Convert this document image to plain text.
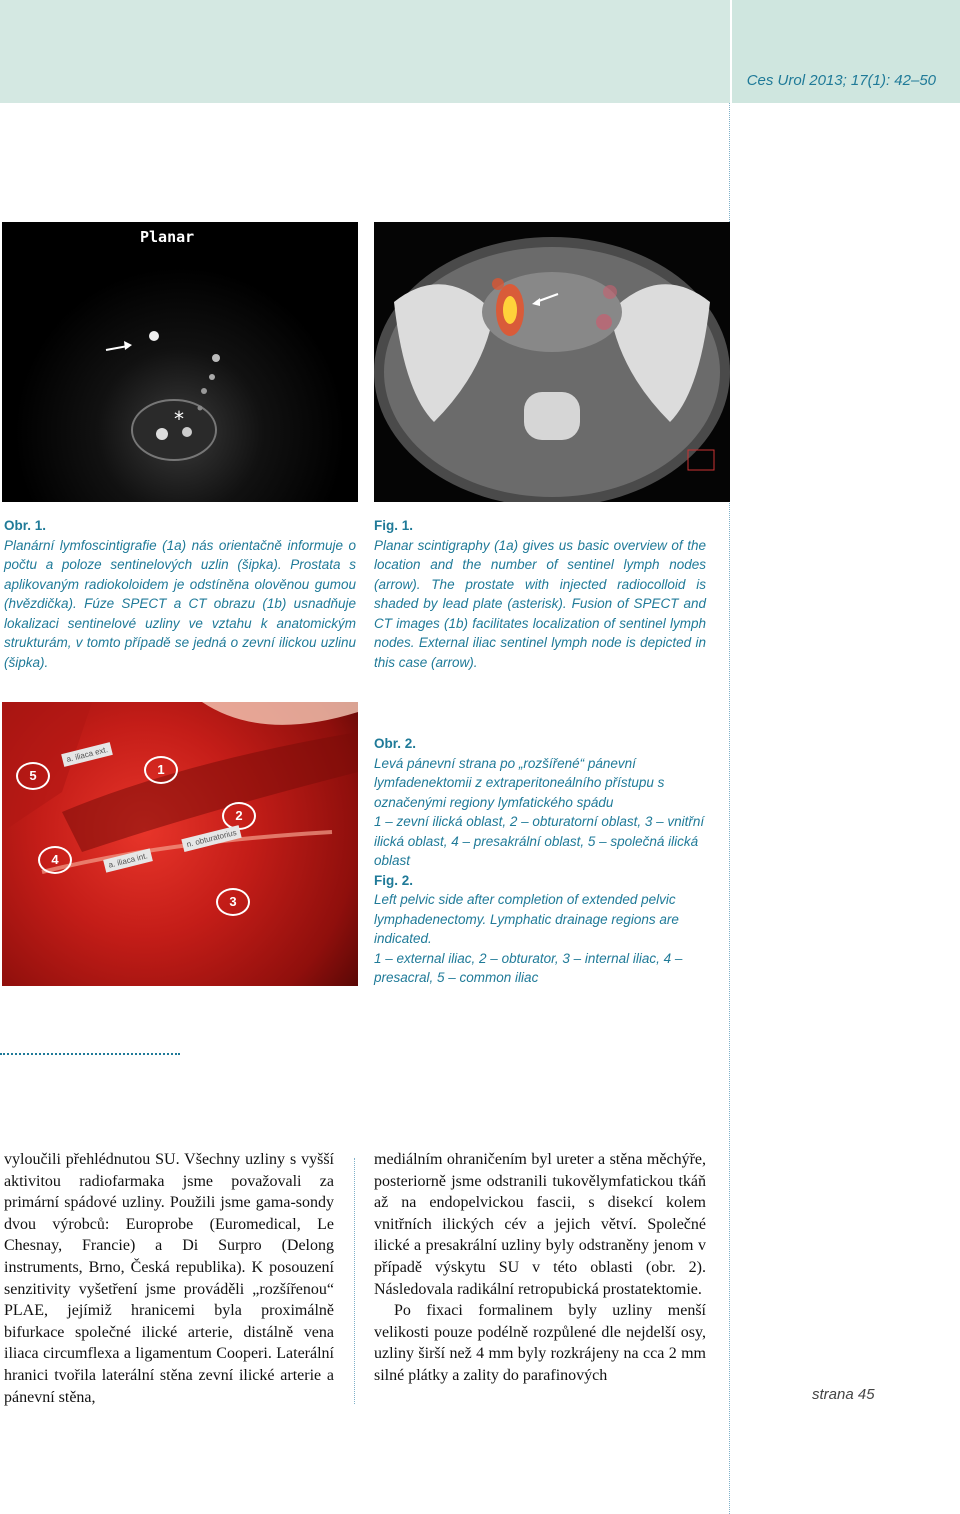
Ces Urol 2013; 17(1): 42–50
Planar
*
Obr. 1.
Planární lymfoscintigrafie (1a) nás orientačně informuje o počtu a poloze sentinelových uzlin (šipka). Prostata s aplikovaným radiokoloidem je odstíněna olověnou gumou (hvězdička). Fúze SPECT a CT obrazu (1b) usnadňuje lokalizaci sentinelové uzliny ve vztahu k anatomickým strukturám, v tomto případě se jedná o zevní ilickou uzlinu (šipka).
Fig. 1.
Planar scintigraphy (1a) gives us basic overview of the location and the number of sentinel lymph nodes (arrow). The prostate with injected radiocolloid is shaded by lead plate (asterisk). Fusion of SPECT and CT images (1b) facilitates localization of sentinel lymph nodes. External iliac sentinel lymph node is depicted in this case (arrow).
5	1
2
4
3
a. iliaca ext.
n. obturatorius
a. iliaca int.
Obr. 2.
Levá pánevní strana po „rozšířené“ pánevní lymfadenektomii z extraperitoneálního přístupu s označenými regiony lymfatického spádu
1 – zevní ilická oblast, 2 – obturatorní oblast, 3 – vnitřní ilická oblast, 4 – presakrální oblast, 5 – společná ilická oblast
Fig. 2.
Left pelvic side after completion of extended pelvic lymphadenectomy. Lymphatic drainage regions are indicated.
1 – external iliac, 2 – obturator, 3 – internal iliac, 4 – presacral, 5 – common iliac

vyloučili přehlédnutou SU. Všechny uzliny s vyšší aktivitou radiofarmaka jsme považovali za primární spádové uzliny. Použili jsme gama-sondy dvou výrobců: Europrobe (Euromedical, Le Chesnay, Francie) a Di Surpro (Delong instruments, Brno, Česká republika). K posouzení senzitivity vyšetření jsme prováděli „rozšířenou“ PLAE, jejímiž hranicemi byla proximálně bifurkace společné ilické arterie, distálně vena iliaca circumflexa a ligamentum Cooperi. Laterální hranici tvořila laterální stěna zevní ilické arterie a pánevní stěna,

mediálním ohraničením byl ureter a stěna měchýře, posteriorně jsme odstranili tukovělymfatickou tkáň až na endopelvickou fascii, s disekcí kolem vnitřních ilických cév a jejich větví. Společné ilické a presakrální uzliny byly odstraněny jenom v případě výskytu SU v této oblasti (obr. 2). Následovala radikální retropubická prostatektomie.

Po fixaci formalinem byly uzliny menší velikosti pouze podélně rozpůlené dle nejdelší osy, uzliny širší než 4 mm byly rozkrájeny na cca 2 mm silné plátky a zality do parafinových

strana 45
